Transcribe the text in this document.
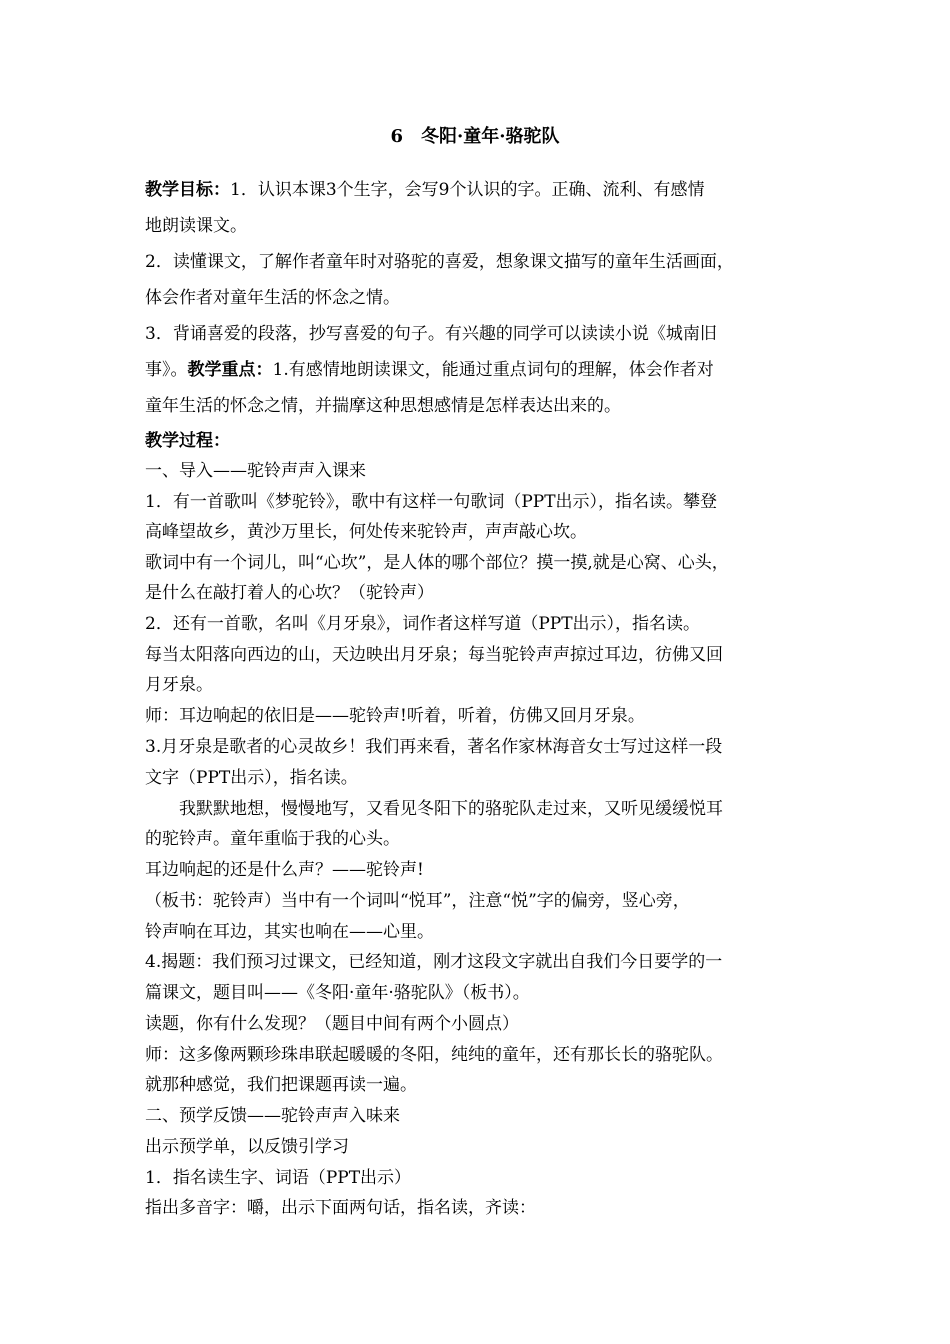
6　冬阳·童年·骆驼队
教学目标：1．认识本课3个生字，会写9个认识的字。正确、流利、有感情
地朗读课文。
2．读懂课文，了解作者童年时对骆驼的喜爱，想象课文描写的童年生活画面，
体会作者对童年生活的怀念之情。
3．背诵喜爱的段落，抄写喜爱的句子。有兴趣的同学可以读读小说《城南旧
事》。教学重点：1.有感情地朗读课文，能通过重点词句的理解，体会作者对
童年生活的怀念之情，并揣摩这种思想感情是怎样表达出来的。
教学过程：
一、导入——驼铃声声入课来
1．有一首歌叫《梦驼铃》，歌中有这样一句歌词（PPT出示），指名读。攀登
高峰望故乡，黄沙万里长，何处传来驼铃声，声声敲心坎。
歌词中有一个词儿，叫“心坎”，是人体的哪个部位？摸一摸,就是心窝、心头，
是什么在敲打着人的心坎？（驼铃声）
2．还有一首歌，名叫《月牙泉》，词作者这样写道（PPT出示），指名读。
每当太阳落向西边的山，天边映出月牙泉；每当驼铃声声掠过耳边，彷佛又回
月牙泉。
师：耳边响起的依旧是——驼铃声!听着，听着，仿佛又回月牙泉。
3.月牙泉是歌者的心灵故乡！我们再来看，著名作家林海音女士写过这样一段
文字（PPT出示），指名读。
　　我默默地想，慢慢地写，又看见冬阳下的骆驼队走过来，又听见缓缓悦耳
的驼铃声。童年重临于我的心头。
耳边响起的还是什么声？——驼铃声!
（板书：驼铃声）当中有一个词叫“悦耳”，注意“悦”字的偏旁，竖心旁，
铃声响在耳边，其实也响在——心里。
4.揭题：我们预习过课文，已经知道，刚才这段文字就出自我们今日要学的一
篇课文，题目叫——《冬阳·童年·骆驼队》（板书）。
读题，你有什么发现？（题目中间有两个小圆点）
师：这多像两颗珍珠串联起暖暖的冬阳，纯纯的童年，还有那长长的骆驼队。
就那种感觉，我们把课题再读一遍。
二、预学反馈——驼铃声声入味来
出示预学单，以反馈引学习
1．指名读生字、词语（PPT出示）
指出多音字：嚼，出示下面两句话，指名读，齐读：
